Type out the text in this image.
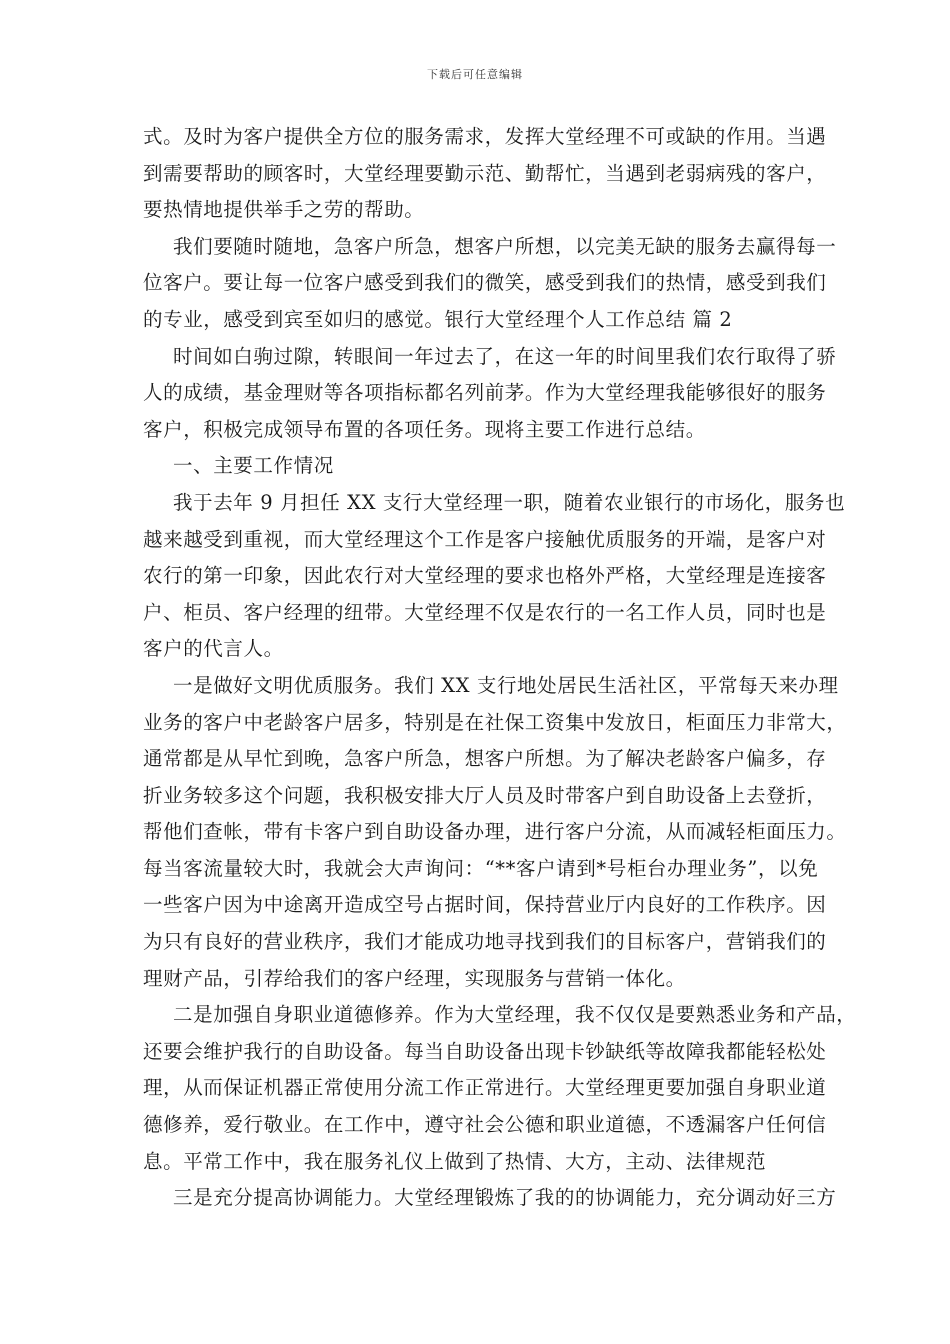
下载后可任意编辑
式。及时为客户提供全方位的服务需求，发挥大堂经理不可或缺的作用。当遇
到需要帮助的顾客时，大堂经理要勤示范、勤帮忙，当遇到老弱病残的客户，
要热情地提供举手之劳的帮助。
我们要随时随地，急客户所急，想客户所想，以完美无缺的服务去赢得每一
位客户。要让每一位客户感受到我们的微笑，感受到我们的热情，感受到我们
的专业，感受到宾至如归的感觉。银行大堂经理个人工作总结 篇 2
时间如白驹过隙，转眼间一年过去了，在这一年的时间里我们农行取得了骄
人的成绩，基金理财等各项指标都名列前茅。作为大堂经理我能够很好的服务
客户，积极完成领导布置的各项任务。现将主要工作进行总结。
一、主要工作情况
我于去年 9 月担任 XX 支行大堂经理一职，随着农业银行的市场化，服务也
越来越受到重视，而大堂经理这个工作是客户接触优质服务的开端，是客户对
农行的第一印象，因此农行对大堂经理的要求也格外严格，大堂经理是连接客
户、柜员、客户经理的纽带。大堂经理不仅是农行的一名工作人员，同时也是
客户的代言人。
一是做好文明优质服务。我们 XX 支行地处居民生活社区，平常每天来办理
业务的客户中老龄客户居多，特别是在社保工资集中发放日，柜面压力非常大，
通常都是从早忙到晚，急客户所急，想客户所想。为了解决老龄客户偏多，存
折业务较多这个问题，我积极安排大厅人员及时带客户到自助设备上去登折，
帮他们查帐，带有卡客户到自助设备办理，进行客户分流，从而减轻柜面压力。
每当客流量较大时，我就会大声询问：“**客户请到*号柜台办理业务”，以免
一些客户因为中途离开造成空号占据时间，保持营业厅内良好的工作秩序。因
为只有良好的营业秩序，我们才能成功地寻找到我们的目标客户，营销我们的
理财产品，引荐给我们的客户经理，实现服务与营销一体化。
二是加强自身职业道德修养。作为大堂经理，我不仅仅是要熟悉业务和产品，
还要会维护我行的自助设备。每当自助设备出现卡钞缺纸等故障我都能轻松处
理，从而保证机器正常使用分流工作正常进行。大堂经理更要加强自身职业道
德修养，爱行敬业。在工作中，遵守社会公德和职业道德，不透漏客户任何信
息。平常工作中，我在服务礼仪上做到了热情、大方，主动、法律规范
三是充分提高协调能力。大堂经理锻炼了我的的协调能力，充分调动好三方
